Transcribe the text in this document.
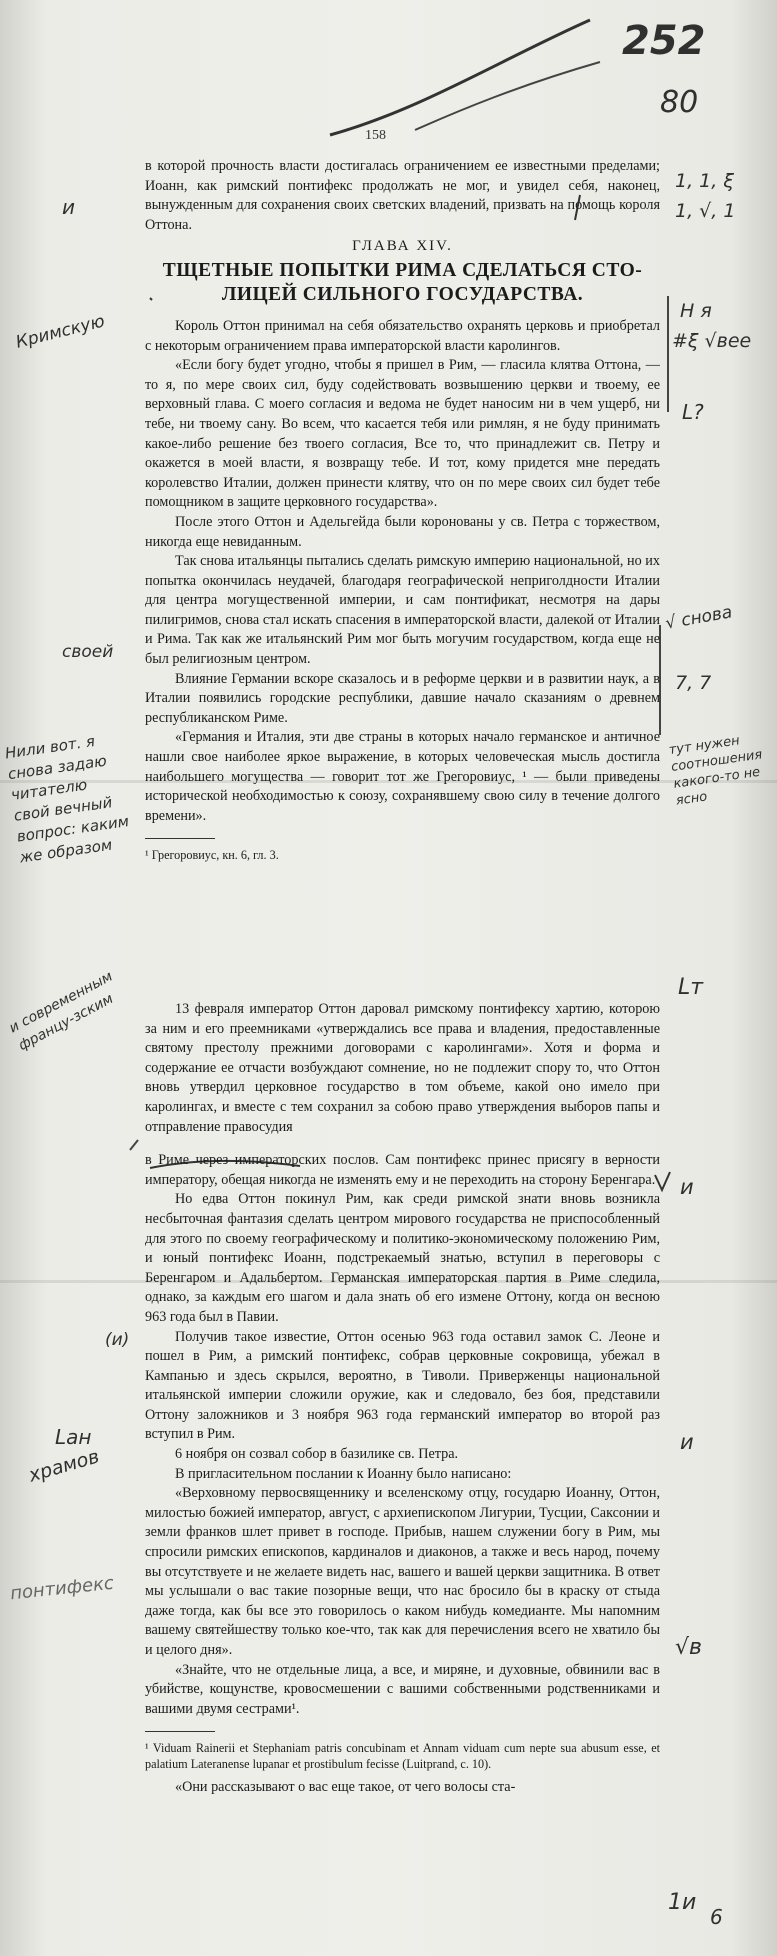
252
80
158

в которой прочность власти достигалась ограничением ее известными пределами; Иоанн, как римский понтифекс продолжать не мог, и увидел себя, наконец, вынужденным для сохранения своих светских владений, призвать на помощь короля Оттона.

ГЛАВА XIV.
ТЩЕТНЫЕ ПОПЫТКИ РИМА СДЕЛАТЬСЯ СТО-
ЛИЦЕЙ СИЛЬНОГО ГОСУДАРСТВА.

Король Оттон принимал на себя обязательство охранять церковь и приобретал с некоторым ограничением права императорской власти каролингов.

«Если богу будет угодно, чтобы я пришел в Рим, — гласила клятва Оттона, — то я, по мере своих сил, буду содействовать возвышению церкви и твоему, ее верховный глава. С моего согласия и ведома не будет наносим ни в чем ущерб, ни тебе, ни твоему сану. Во всем, что касается тебя или римлян, я не буду принимать какое-либо решение без твоего согласия, Все то, что принадлежит св. Петру и окажется в моей власти, я возвращу тебе. И тот, кому придется мне передать королевство Италии, должен принести клятву, что он по мере своих сил будет тебе помощником в защите церковного государства».

После этого Оттон и Адельгейда были коронованы у св. Петра с торжеством, никогда еще невиданным.

Так снова итальянцы пытались сделать римскую империю национальной, но их попытка окончилась неудачей, благодаря географической неприголдности Италии для центра могущественной империи, и сам понтификат, несмотря на дары пилигримов, снова стал искать спасения в императорской власти, далекой от Италии и Рима. Так как же итальянский Рим мог быть могучим государством, когда еще не был религиозным центром.

Влияние Германии вскоре сказалось и в реформе церкви и в развитии наук, а в Италии появились городские республики, давшие начало сказаниям о древнем республиканском Риме.

«Германия и Италия, эти две страны в которых начало германское и античное нашли свое наиболее яркое выражение, в которых человеческая мысль достигла наибольшего могущества — говорит тот же Грегоровиус, ¹ — были приведены исторической необходимостью к союзу, сохранявшему свою силу в течение долгого времени».

¹ Грегоровиус, кн. 6, гл. 3.

13 февраля император Оттон даровал римскому понтифексу хартию, которою за ним и его преемниками «утверждались все права и владения, предоставленные святому престолу прежними договорами с каролингами». Хотя и форма и содержание ее отчасти возбуждают сомнение, но не подлежит спору то, что Оттон вновь утвердил церковное государство в том объеме, какой оно имело при каролингах, и вместе с тем сохранил за собою право утверждения выборов папы и отправление правосудия

в Риме через императорских послов. Сам понтифекс принес присягу в верности императору, обещая никогда не изменять ему и не переходить на сторону Беренгара.

Но едва Оттон покинул Рим, как среди римской знати вновь возникла несбыточная фантазия сделать центром мирового государства не приспособленный для этого по своему географическому и политико-экономическому положению Рим, и юный понтифекс Иоанн, подстрекаемый знатью, вступил в переговоры с Беренгаром и Адальбертом. Германская императорская партия в Риме следила, однако, за каждым его шагом и дала знать об его измене Оттону, когда он весною 963 года был в Павии.

Получив такое известие, Оттон осенью 963 года оставил замок С. Леоне и пошел в Рим, а римский понтифекс, собрав церковные сокровища, убежал в Кампанью и здесь скрылся, вероятно, в Тиволи. Приверженцы национальной итальянской империи сложили оружие, как и следовало, без боя, представили Оттону заложников и 3 ноября 963 года германский император во второй раз вступил в Рим.

6 ноября он созвал собор в базилике св. Петра.

В пригласительном послании к Иоанну было написано:

«Верховному первосвященнику и вселенскому отцу, государю Иоанну, Оттон, милостью божией император, август, с архиепископом Лигурии, Тусции, Саксонии и земли франков шлет привет в господе. Прибыв, нашем служении богу в Рим, мы спросили римских епископов, кардиналов и диаконов, а также и весь народ, почему вы отсутствуете и не желаете видеть нас, вашего и вашей церкви защитника. В ответ мы услышали о вас такие позорные вещи, что нас бросило бы в краску от стыда даже тогда, как бы все это говорилось о каком нибудь комедианте. Мы напомним вашему святейшеству только кое-что, так как для перечисления всего не хватило бы и целого дня».

«Знайте, что не отдельные лица, а все, и миряне, и духовные, обвинили вас в убийстве, кощунстве, кровосмешении с вашими собственными родственниками и вашими двумя сестрами¹.

¹ Viduam Rainerii et Stephaniam patris concubinam et Annam viduam cum nepte sua abusum esse, et palatium Lateranense lupanar et prostibulum fecisse (Luitprand, c. 10).

«Они рассказывают о вас еще такое, от чего волосы ста-

и
Кримскую
своей
Нили вот. я снова задаю читателю свой вечный вопрос: каким же образом
и современным францу-зским
(и)
Lан
храмов
понтифекс
1, 1, ξ
1, √, 1
Н я
#ξ √вее
L?
√ снова
7, 7
тут нужен соотношения какого-то не ясно
Lт
и
и
√в
1и
6
